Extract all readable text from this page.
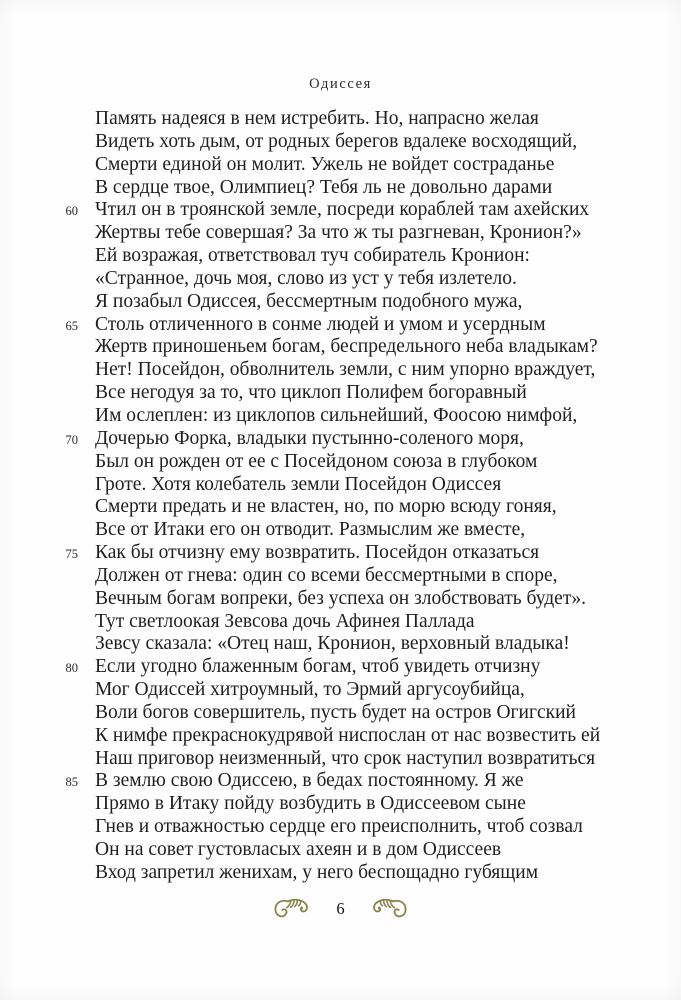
Одиссея
Память надеяся в нем истребить. Но, напрасно желая
Видеть хоть дым, от родных берегов вдалеке восходящий,
Смерти единой он молит. Ужель не войдет состраданье
В сердце твое, Олимпиец? Тебя ль не довольно дарами
60 Чтил он в троянской земле, посреди кораблей там ахейских
Жертвы тебе совершая? За что ж ты разгневан, Кронион?»
Ей возражая, ответствовал туч собиратель Кронион:
«Странное, дочь моя, слово из уст у тебя излетело.
Я позабыл Одиссея, бессмертным подобного мужа,
65 Столь отличенного в сонме людей и умом и усердным
Жертв приношеньем богам, беспредельного неба владыкам?
Нет! Посейдон, обволнитель земли, с ним упорно враждует,
Все негодуя за то, что циклоп Полифем богоравный
Им ослеплен: из циклопов сильнейший, Фоосою нимфой,
70 Дочерью Форка, владыки пустынно-соленого моря,
Был он рожден от ее с Посейдоном союза в глубоком
Гроте. Хотя колебатель земли Посейдон Одиссея
Смерти предать и не властен, но, по морю всюду гоняя,
Все от Итаки его он отводит. Размыслим же вместе,
75 Как бы отчизну ему возвратить. Посейдон отказаться
Должен от гнева: один со всеми бессмертными в споре,
Вечным богам вопреки, без успеха он злобствовать будет».
Тут светлоокая Зевсова дочь Афинея Паллада
Зевсу сказала: «Отец наш, Кронион, верховный владыка!
80 Если угодно блаженным богам, чтоб увидеть отчизну
Мог Одиссей хитроумный, то Эрмий аргусоубийца,
Воли богов совершитель, пусть будет на остров Огигский
К нимфе прекраснокудрявой ниспослан от нас возвестить ей
Наш приговор неизменный, что срок наступил возвратиться
85 В землю свою Одиссею, в бедах постоянному. Я же
Прямо в Итаку пойду возбудить в Одиссеевом сыне
Гнев и отважностью сердце его преисполнить, чтоб созвал
Он на совет густовласых ахеян и в дом Одиссеев
Вход запретил женихам, у него беспощадно губящим
6
